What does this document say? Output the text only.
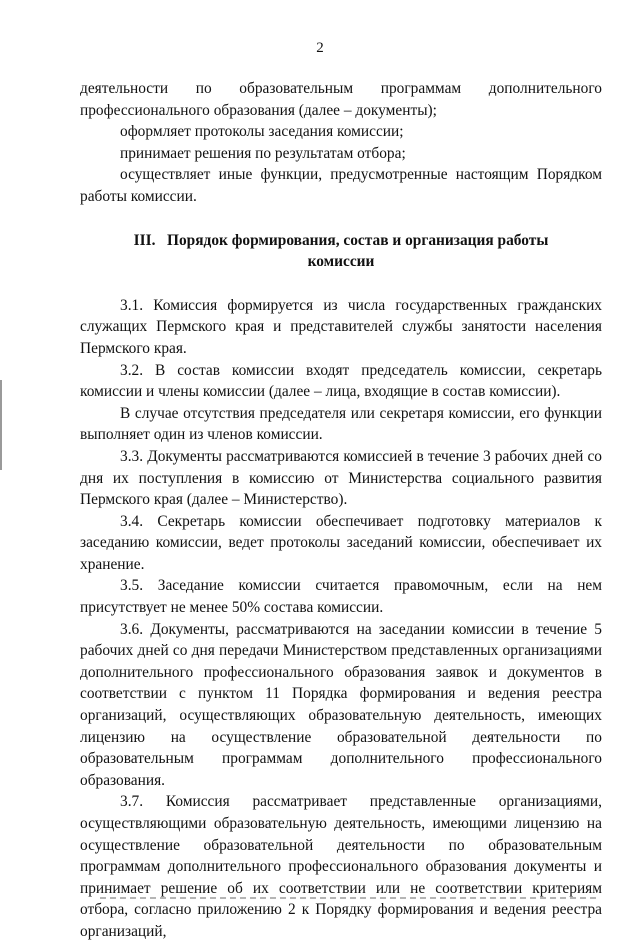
2

деятельности по образовательным программам дополнительного

профессионального образования (далее – документы);

оформляет протоколы заседания комиссии;

принимает решения по результатам отбора;

осуществляет иные функции, предусмотренные настоящим Порядком работы комиссии.

III. Порядок формирования, состав и организация работы
комиссии

3.1. Комиссия формируется из числа государственных гражданских служащих Пермского края и представителей службы занятости населения Пермского края.

3.2. В состав комиссии входят председатель комиссии, секретарь комиссии и члены комиссии (далее – лица, входящие в состав комиссии).

В случае отсутствия председателя или секретаря комиссии, его функции выполняет один из членов комиссии.

3.3. Документы рассматриваются комиссией в течение 3 рабочих дней со дня их поступления в комиссию от Министерства социального развития Пермского края (далее – Министерство).

3.4. Секретарь комиссии обеспечивает подготовку материалов к заседанию комиссии, ведет протоколы заседаний комиссии, обеспечивает их хранение.

3.5. Заседание комиссии считается правомочным, если на нем присутствует не менее 50% состава комиссии.

3.6. Документы, рассматриваются на заседании комиссии в течение 5 рабочих дней со дня передачи Министерством представленных организациями дополнительного профессионального образования заявок и документов в соответствии с пунктом 11 Порядка формирования и ведения реестра организаций, осуществляющих образовательную деятельность, имеющих лицензию на осуществление образовательной деятельности по образовательным программам дополнительного профессионального образования.

3.7. Комиссия рассматривает представленные организациями, осуществляющими образовательную деятельность, имеющими лицензию на осуществление образовательной деятельности по образовательным программам дополнительного профессионального образования документы и принимает решение об их соответствии или не соответствии критериям отбора, согласно приложению 2 к Порядку формирования и ведения реестра организаций,
